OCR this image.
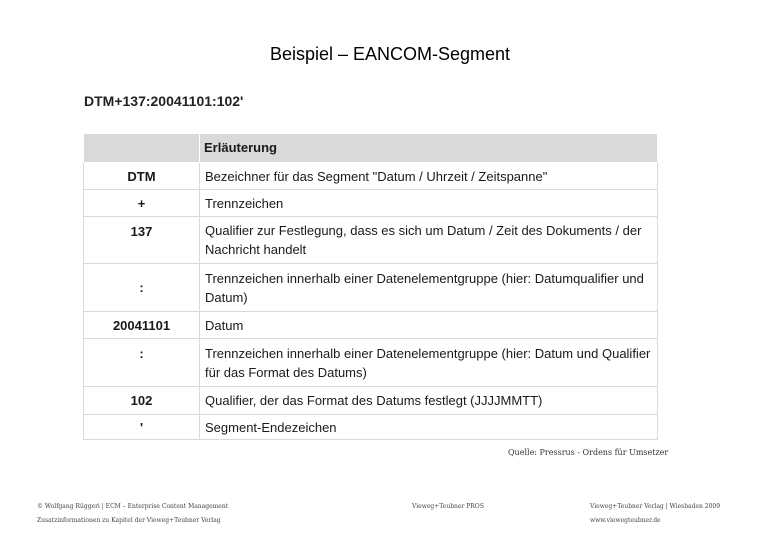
Beispiel – EANCOM-Segment
DTM+137:20041101:102'
	Erläuterung
DTM	Bezeichner für das Segment "Datum / Uhrzeit / Zeitspanne"
+	Trennzeichen
137	Qualifier zur Festlegung, dass es sich um Datum / Zeit des Dokuments / der Nachricht handelt
:	Trennzeichen innerhalb einer Datenelementgruppe (hier: Datumqualifier und Datum)
20041101	Datum
:	Trennzeichen innerhalb einer Datenelementgruppe (hier: Datum und Qualifier für das Format des Datums)
102	Qualifier, der das Format des Datums festlegt (JJJJMMTT)
'	Segment-Endezeichen
Quelle: Pressrus - Ordens für Umsetzer
© Wolfgang Rüggeri | ECM – Enterprise Content Management
Zusatzinformationen zu Kapitel der Vieweg+Teubner Verlag
Vieweg+Teubner PROS	Vieweg+Teubner Verlag | Wiesbaden 2009
www.viewegteubner.de
